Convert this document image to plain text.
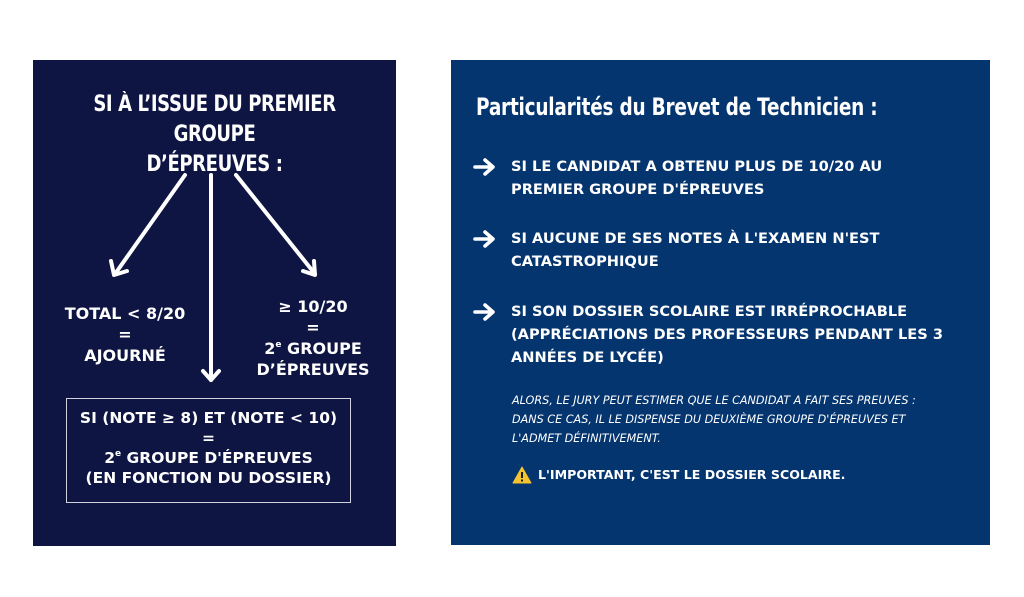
SI À L’ISSUE DU PREMIER GROUPE
D’ÉPREUVES :
TOTAL < 8/20
=
AJOURNÉ
≥ 10/20
=
$2^e$ GROUPE
D’ÉPREUVES
SI (NOTE ≥ 8) ET (NOTE < 10)
=
$2^e$ GROUPE D'ÉPREUVES
(EN FONCTION DU DOSSIER)
Particularités du Brevet de Technicien :
SI LE CANDIDAT A OBTENU PLUS DE 10/20 AU
PREMIER GROUPE D'ÉPREUVES
SI AUCUNE DE SES NOTES À L'EXAMEN N'EST
CATASTROPHIQUE
SI SON DOSSIER SCOLAIRE EST IRRÉPROCHABLE
(APPRÉCIATIONS DES PROFESSEURS PENDANT LES 3
ANNÉES DE LYCÉE)
ALORS, LE JURY PEUT ESTIMER QUE LE CANDIDAT A FAIT SES PREUVES :
DANS CE CAS, IL LE DISPENSE DU DEUXIÈME GROUPE D'ÉPREUVES ET
L'ADMET DÉFINITIVEMENT.
L'IMPORTANT, C'EST LE DOSSIER SCOLAIRE.
